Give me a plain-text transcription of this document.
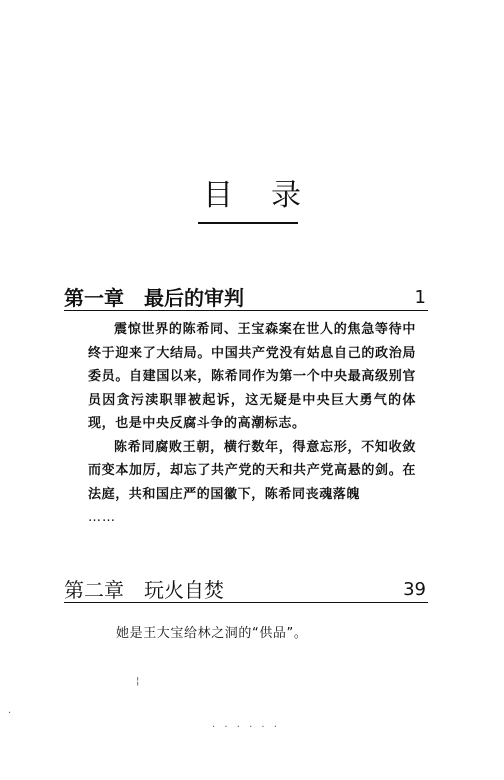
目录
第一章 最后的审判	1

震惊世界的陈希同、王宝森案在世人的焦急等待中终于迎来了大结局。中国共产党没有姑息自己的政治局委员。自建国以来，陈希同作为第一个中央最高级别官员因贪污渎职罪被起诉，这无疑是中央巨大勇气的体现，也是中央反腐斗争的高潮标志。

陈希同腐败王朝，横行数年，得意忘形，不知收敛而变本加厉，却忘了共产党的天和共产党高悬的剑。在法庭，共和国庄严的国徽下，陈希同丧魂落魄

……
第二章 玩火自焚	39

她是王大宝给林之洞的“供品”。

¦
· · · · · ·
·
